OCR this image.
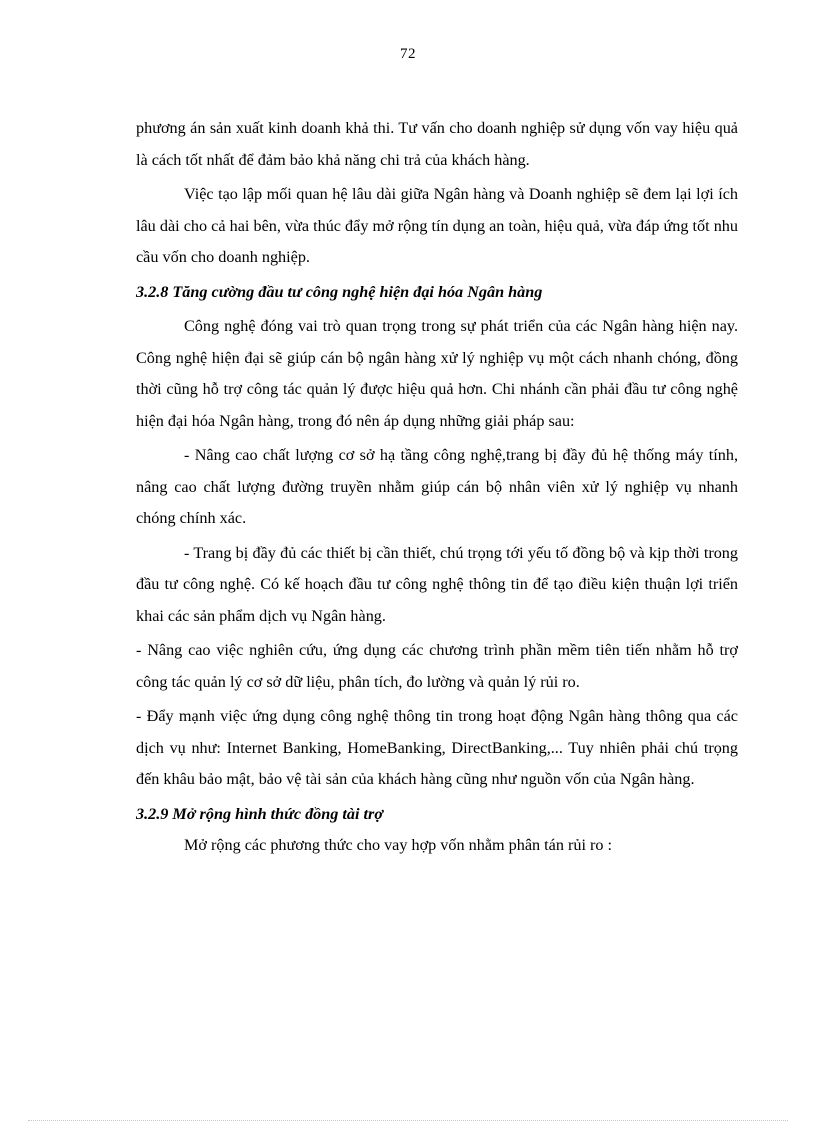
72

phương án sản xuất kinh doanh khả thi. Tư vấn cho doanh nghiệp sử dụng vốn vay hiệu quả là cách tốt nhất để đảm bảo khả năng chi trả của khách hàng.

Việc tạo lập mối quan hệ lâu dài giữa Ngân hàng và Doanh nghiệp sẽ đem lại lợi ích lâu dài cho cả hai bên, vừa thúc đẩy mở rộng tín dụng an toàn, hiệu quả, vừa đáp ứng tốt nhu cầu vốn cho doanh nghiệp.

3.2.8 Tăng cường đầu tư công nghệ hiện đại hóa Ngân hàng

Công nghệ đóng vai trò quan trọng trong sự phát triển của các Ngân hàng hiện nay. Công nghệ hiện đại sẽ giúp cán bộ ngân hàng xử lý nghiệp vụ một cách nhanh chóng, đồng thời cũng hỗ trợ công tác quản lý được hiệu quả hơn. Chi nhánh cần phải đầu tư công nghệ hiện đại hóa Ngân hàng, trong đó nên áp dụng những giải pháp sau:

- Nâng cao chất lượng cơ sở hạ tầng công nghệ,trang bị đầy đủ hệ thống máy tính, nâng cao chất lượng đường truyền nhằm giúp cán bộ nhân viên xử lý nghiệp vụ nhanh chóng chính xác.

- Trang bị đầy đủ các thiết bị cần thiết, chú trọng tới yếu tố đồng bộ và kịp thời trong đầu tư công nghệ. Có kế hoạch đầu tư công nghệ thông tin để tạo điều kiện thuận lợi triển khai các sản phẩm dịch vụ Ngân hàng.

- Nâng cao việc nghiên cứu, ứng dụng các chương trình phần mềm tiên tiến nhằm hỗ trợ công tác quản lý cơ sở dữ liệu, phân tích, đo lường và quản lý rủi ro.

- Đẩy mạnh việc ứng dụng công nghệ thông tin trong hoạt động Ngân hàng thông qua các dịch vụ như: Internet Banking, HomeBanking, DirectBanking,... Tuy nhiên phải chú trọng đến khâu bảo mật, bảo vệ tài sản của khách hàng cũng như nguồn vốn của Ngân hàng.

3.2.9 Mở rộng hình thức đồng tài trợ

Mở rộng các phương thức cho vay hợp vốn nhằm phân tán rủi ro :
